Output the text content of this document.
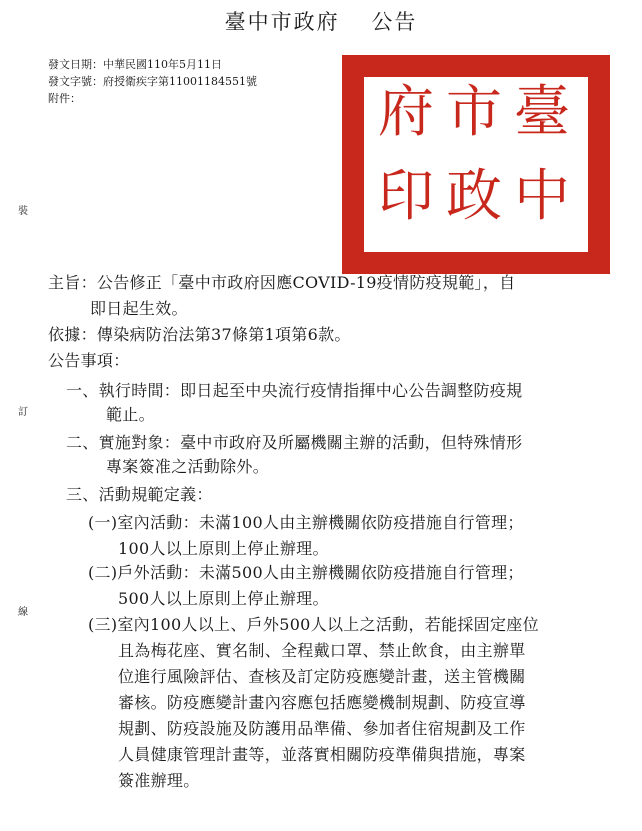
臺中市政府　 公告
發文日期：中華民國110年5月11日
發文字號：府授衛疾字第11001184551號
附件：
裝
訂
線
臺
中
市
政
府
印
主旨：公告修正「臺中市政府因應COVID-19疫情防疫規範」，自
即日起生效。
依據：傳染病防治法第37條第1項第6款。
公告事項：
一、執行時間：即日起至中央流行疫情指揮中心公告調整防疫規
範止。
二、實施對象：臺中市政府及所屬機關主辦的活動，但特殊情形
專案簽准之活動除外。
三、活動規範定義：
(一)室內活動：未滿100人由主辦機關依防疫措施自行管理；
100人以上原則上停止辦理。
(二)戶外活動：未滿500人由主辦機關依防疫措施自行管理；
500人以上原則上停止辦理。
(三)室內100人以上、戶外500人以上之活動，若能採固定座位
且為梅花座、實名制、全程戴口罩、禁止飲食，由主辦單
位進行風險評估、查核及訂定防疫應變計畫，送主管機關
審核。防疫應變計畫內容應包括應變機制規劃、防疫宣導
規劃、防疫設施及防護用品準備、參加者住宿規劃及工作
人員健康管理計畫等，並落實相關防疫準備與措施，專案
簽准辦理。
